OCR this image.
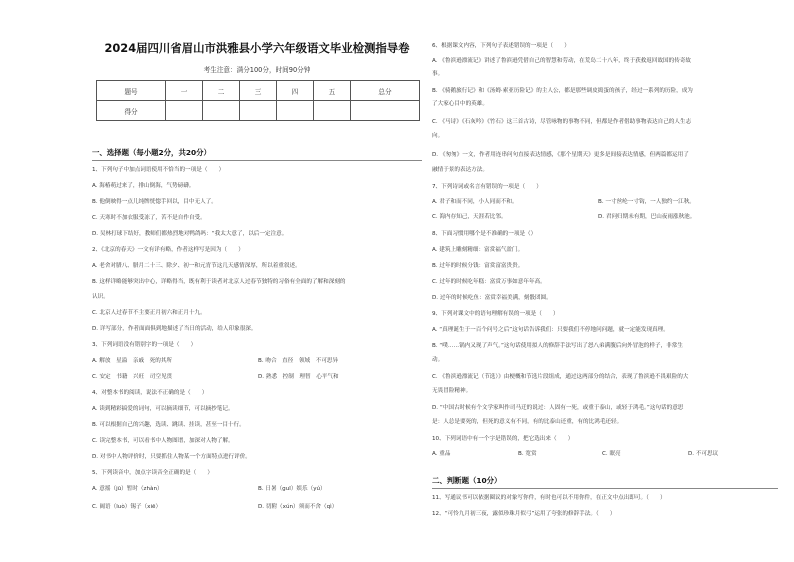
2024届四川省眉山市洪雅县小学六年级语文毕业检测指导卷
考生注意：满分100分，时间90分钟
题号	一	二	三	四	五	总分
得分						
一、选择题（每小题2分，共20分）
1、下列句子中加点词语使用不恰当的一项是（　　）
A. 海椿萌过来了，排山倒海，气势磅礴。
B. 他倒映得一点儿纯牌恍惚手回以，目中无人了。
C. 天寒时不加衣服受冻了，苦不是自作自受。
D. 吴林打球下结好，教师们都热烈地对鸭鸽吗：“我太大意了，以后一定注意。
2、《北京的春天》一文有详有略，作者这样写是因为（　　）
A. 老舍对腊八、腊月二十三、除夕、初一和元宵节这几天感情深厚，所以着重叙述。
B. 这样详略能够突出中心，详略得当，既有利于读者对北京人过春节独特的习俗有全面的了解和深刻的
认识。
C. 北京人过春节不主要正月初六和正月十九。
D. 详写部分，作者面面俱到地描述了当日的活动，给人印象很深。
3、下列词语没有错别字的一项是（　　）
A. 解放　星溢　亲戚　死的其所	B. 吻合　直径　领域　不可思异
C. 安定　书籍　兴旺　司空见贯	D. 熟悉　控制　理智　心平气和
4、对整本书的阅读，说法不正确的是（　　）
A. 读到精彩搞爱的词句，可以摘读细节，可以摘抄笔记。
B. 可以根据自己的兴趣，选读、跳读、挂读，甚至一目十行。
C. 读完整本书，可以看书中人物图谱，加深对人物了解。
D. 对书中人物评价时，只要抓住人物某一个方面特点进行评价。
5、下列读音中，加点字读音全正确的是（　　）
A. 意摇（jū）暂时（zhàn）	B. 日暑（guī）娱乐（yú）
C. 阔语（luò）锡子（xiē）	D. 切附（xún）须而不舍（qì）
6、根据课文内容，下列句子表述错误的一项是（　　）
A. 《鲁滨逊漂流记》讲述了鲁滨逊凭借自己的智慧和劳动，在荒岛二十八年，终于获救返回故国的传奇故
事。
B. 《骑鹅旅行记》和《汤姆·索亚历险记》的主人公，都是那些调皮捣蛋的孩子，经过一系列的历险，成为
了大家心目中的英雄。
C. 《马诗》《石灰吟》《竹石》这三首古诗，尽管咏物的事物不同，但都是作者借助事物表达自己的人生志
向。
D. 《匆匆》一文，作者用连串问句直接表达情感，《那个星期天》更多是间接表达情感，但两篇都运用了
融情于景的表达方法。
7、下列诗词或名言有错误的一项是（　　）
A. 君子和而不同，小人同而不和。	B. 一寸丝纶一寸钩，一人独约一江秋。
C. 海内存知己，天涯若比邻。	D. 君问归期未有期，巴山夜雨涨秋池。
8、下面习惯用哪个是不准确的一项是（）
A. 建筑上雕刻精细：富赏福气盈门。
B. 过年的时候分钱：富赏富富贵贵。
C. 过年的时候吃年糕：富赏万事如意年年高。
D. 过年的时候吃鱼：富赏幸福美满，刻骰团圆。
9、下列对课文中的语句理解有误的一项是（　　）
A. “真理诞生于一百个问号之后”这句话告诉我们：只要我们不停地问问题，就一定能发现真理。
B. “噗……锅内又现了声气。”这句话使用拟人的修辞手法写出了怒八弟满腹后向外冒泡的样子，非常生
动。
C. 《鲁滨逊漂流记（节选）》由梗概和节选片段组成，通过这两部分的结合，表现了鲁滨逊不畏艰险的大
无畏冒险精神。
D. “中国古时候有个文学家叫作司马迁的说过：人固有一死，或重于泰山，或轻于鸿毛。”这句话的意思
是：人总是要死的，但死的意义有不同，有的比泰山还重，有的比鸿毛还轻。
10、下列词语中有一个字是错误的，把它选出来（　　）
A. 重品	B. 宽赏	C. 眠亮	D. 不可思议
二、判断题（10分）
11、写通议书可以依据圈议的对象写你件，有时也可以不用你件，在正文中点出即可。（　　）
12、“可怜九月初三夜，露似珍珠月似弓”运用了夸张的修辞手法。（　　）
